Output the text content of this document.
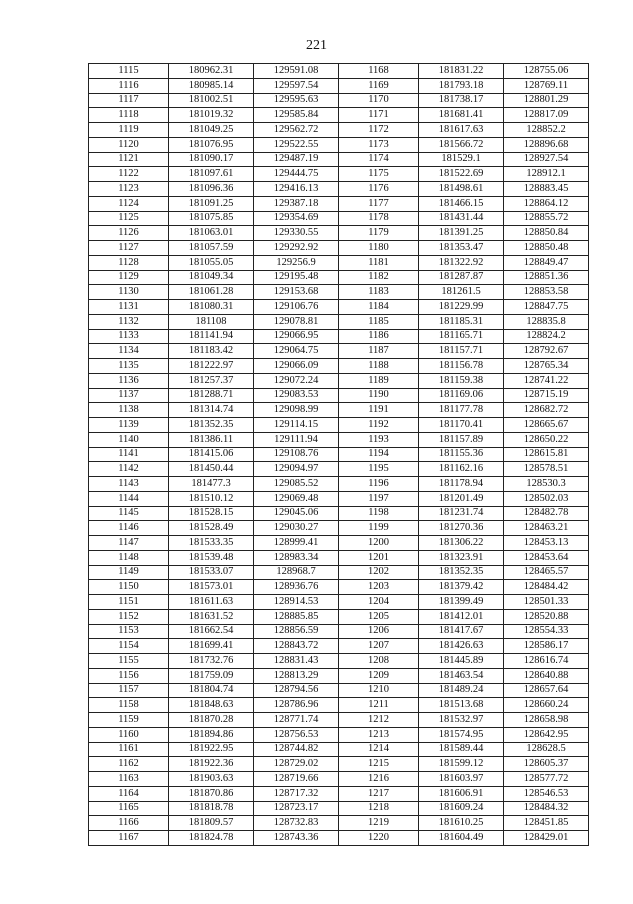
221
1115	180962.31	129591.08	1168	181831.22	128755.06
1116	180985.14	129597.54	1169	181793.18	128769.11
1117	181002.51	129595.63	1170	181738.17	128801.29
1118	181019.32	129585.84	1171	181681.41	128817.09
1119	181049.25	129562.72	1172	181617.63	128852.2
1120	181076.95	129522.55	1173	181566.72	128896.68
1121	181090.17	129487.19	1174	181529.1	128927.54
1122	181097.61	129444.75	1175	181522.69	128912.1
1123	181096.36	129416.13	1176	181498.61	128883.45
1124	181091.25	129387.18	1177	181466.15	128864.12
1125	181075.85	129354.69	1178	181431.44	128855.72
1126	181063.01	129330.55	1179	181391.25	128850.84
1127	181057.59	129292.92	1180	181353.47	128850.48
1128	181055.05	129256.9	1181	181322.92	128849.47
1129	181049.34	129195.48	1182	181287.87	128851.36
1130	181061.28	129153.68	1183	181261.5	128853.58
1131	181080.31	129106.76	1184	181229.99	128847.75
1132	181108	129078.81	1185	181185.31	128835.8
1133	181141.94	129066.95	1186	181165.71	128824.2
1134	181183.42	129064.75	1187	181157.71	128792.67
1135	181222.97	129066.09	1188	181156.78	128765.34
1136	181257.37	129072.24	1189	181159.38	128741.22
1137	181288.71	129083.53	1190	181169.06	128715.19
1138	181314.74	129098.99	1191	181177.78	128682.72
1139	181352.35	129114.15	1192	181170.41	128665.67
1140	181386.11	129111.94	1193	181157.89	128650.22
1141	181415.06	129108.76	1194	181155.36	128615.81
1142	181450.44	129094.97	1195	181162.16	128578.51
1143	181477.3	129085.52	1196	181178.94	128530.3
1144	181510.12	129069.48	1197	181201.49	128502.03
1145	181528.15	129045.06	1198	181231.74	128482.78
1146	181528.49	129030.27	1199	181270.36	128463.21
1147	181533.35	128999.41	1200	181306.22	128453.13
1148	181539.48	128983.34	1201	181323.91	128453.64
1149	181533.07	128968.7	1202	181352.35	128465.57
1150	181573.01	128936.76	1203	181379.42	128484.42
1151	181611.63	128914.53	1204	181399.49	128501.33
1152	181631.52	128885.85	1205	181412.01	128520.88
1153	181662.54	128856.59	1206	181417.67	128554.33
1154	181699.41	128843.72	1207	181426.63	128586.17
1155	181732.76	128831.43	1208	181445.89	128616.74
1156	181759.09	128813.29	1209	181463.54	128640.88
1157	181804.74	128794.56	1210	181489.24	128657.64
1158	181848.63	128786.96	1211	181513.68	128660.24
1159	181870.28	128771.74	1212	181532.97	128658.98
1160	181894.86	128756.53	1213	181574.95	128642.95
1161	181922.95	128744.82	1214	181589.44	128628.5
1162	181922.36	128729.02	1215	181599.12	128605.37
1163	181903.63	128719.66	1216	181603.97	128577.72
1164	181870.86	128717.32	1217	181606.91	128546.53
1165	181818.78	128723.17	1218	181609.24	128484.32
1166	181809.57	128732.83	1219	181610.25	128451.85
1167	181824.78	128743.36	1220	181604.49	128429.01
